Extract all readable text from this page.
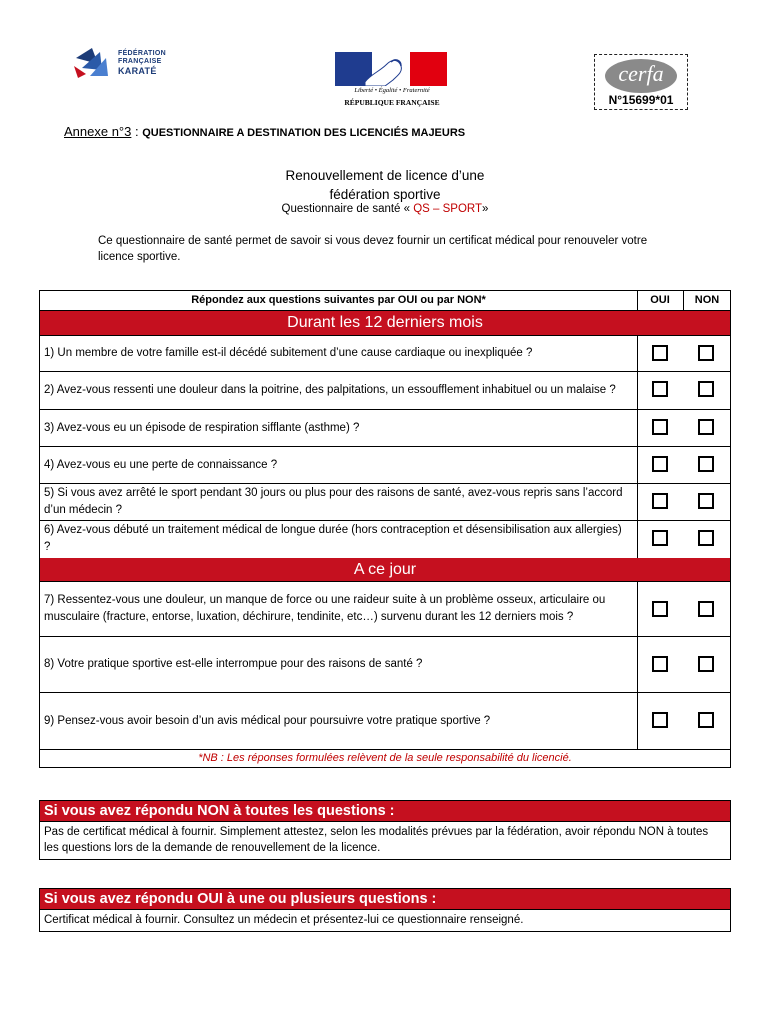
FÉDÉRATION
FRANÇAISE
KARATÉ
Liberté • Égalité • Fraternité
RÉPUBLIQUE FRANÇAISE
cerfa
N°15699*01
Annexe n°3 : QUESTIONNAIRE A DESTINATION DES LICENCIÉS MAJEURS
Renouvellement de licence d’une
fédération sportive
Questionnaire de santé « QS – SPORT»
Ce questionnaire de santé permet de savoir si vous devez fournir un certificat médical pour renouveler votre licence sportive.
Répondez aux questions suivantes par OUI ou par NON*	OUI	NON
Durant les 12 derniers mois
1) Un membre de votre famille est-il décédé subitement d’une cause cardiaque ou inexpliquée ?
2) Avez-vous ressenti une douleur dans la poitrine, des palpitations, un essoufflement inhabituel ou un malaise ?
3) Avez-vous eu un épisode de respiration sifflante (asthme) ?
4) Avez-vous eu une perte de connaissance ?
5) Si vous avez arrêté le sport pendant 30 jours ou plus pour des raisons de santé, avez-vous repris sans l’accord d’un médecin ?
6) Avez-vous débuté un traitement médical de longue durée (hors contraception et désensibilisation aux allergies) ?
A ce jour
7) Ressentez-vous une douleur, un manque de force ou une raideur suite à un problème osseux, articulaire ou musculaire (fracture, entorse, luxation, déchirure, tendinite, etc…) survenu durant les 12 derniers mois ?
8) Votre pratique sportive est-elle interrompue pour des raisons de santé ?
9) Pensez-vous avoir besoin d’un avis médical pour poursuivre votre pratique sportive ?
*NB : Les réponses formulées relèvent de la seule responsabilité du licencié.
Si vous avez répondu NON à toutes les questions :
Pas de certificat médical à fournir. Simplement attestez, selon les modalités prévues par la fédération, avoir répondu NON à toutes les questions lors de la demande de renouvellement de la licence.
Si vous avez répondu OUI à une ou plusieurs questions :
Certificat médical à fournir. Consultez un médecin et présentez-lui ce questionnaire renseigné.
